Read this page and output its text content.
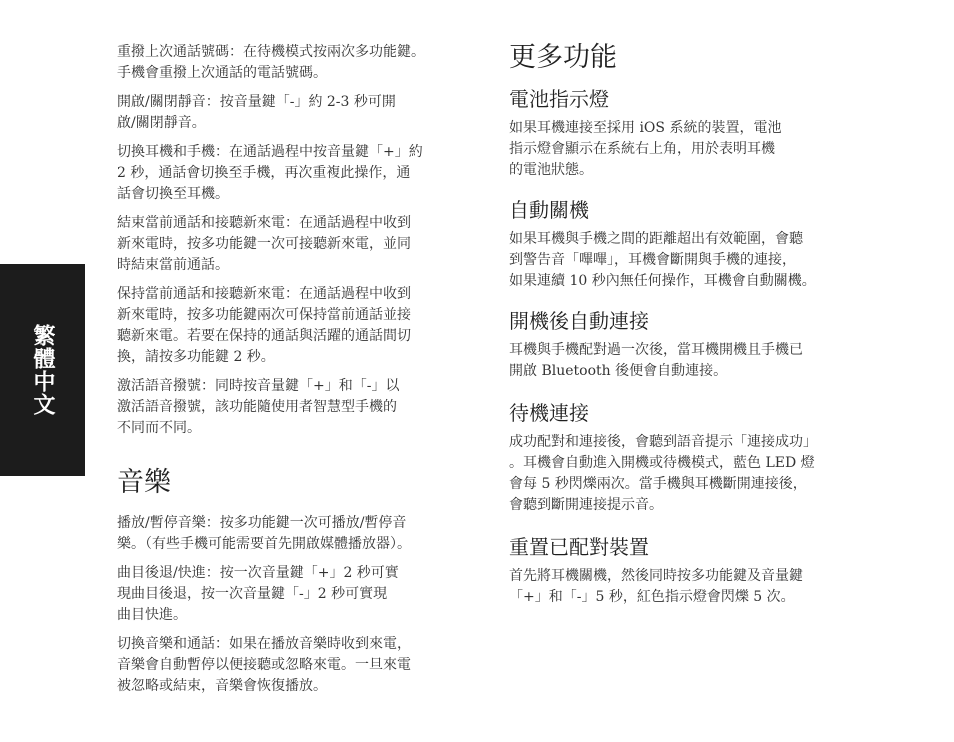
繁體中文

重撥上次通話號碼：在待機模式按兩次多功能鍵。
手機會重撥上次通話的電話號碼。

開啟/關閉靜音：按音量鍵「-」約 2-3 秒可開
啟/關閉靜音。

切換耳機和手機：在通話過程中按音量鍵「+」約
2 秒，通話會切換至手機，再次重複此操作，通
話會切換至耳機。

結束當前通話和接聽新來電：在通話過程中收到
新來電時，按多功能鍵一次可接聽新來電，並同
時結束當前通話。

保持當前通話和接聽新來電：在通話過程中收到
新來電時，按多功能鍵兩次可保持當前通話並接
聽新來電。若要在保持的通話與活躍的通話間切
換，請按多功能鍵 2 秒。

激活語音撥號：同時按音量鍵「+」和「-」以
激活語音撥號，該功能隨使用者智慧型手機的
不同而不同。

音樂

播放/暫停音樂：按多功能鍵一次可播放/暫停音
樂。（有些手機可能需要首先開啟媒體播放器）。

曲目後退/快進：按一次音量鍵「+」2 秒可實
現曲目後退，按一次音量鍵「-」2 秒可實現
曲目快進。

切換音樂和通話：如果在播放音樂時收到來電，
音樂會自動暫停以便接聽或忽略來電。一旦來電
被忽略或結束，音樂會恢復播放。

更多功能
電池指示燈

如果耳機連接至採用 iOS 系統的裝置，電池
指示燈會顯示在系統右上角，用於表明耳機
的電池狀態。

自動關機

如果耳機與手機之間的距離超出有效範圍，會聽
到警告音「嗶嗶」，耳機會斷開與手機的連接，
如果連續 10 秒內無任何操作，耳機會自動關機。

開機後自動連接

耳機與手機配對過一次後，當耳機開機且手機已
開啟 Bluetooth 後便會自動連接。

待機連接

成功配對和連接後，會聽到語音提示「連接成功」
。耳機會自動進入開機或待機模式，藍色 LED 燈
會每 5 秒閃爍兩次。當手機與耳機斷開連接後，
會聽到斷開連接提示音。

重置已配對裝置

首先將耳機關機，然後同時按多功能鍵及音量鍵
「+」和「-」5 秒，紅色指示燈會閃爍 5 次。
